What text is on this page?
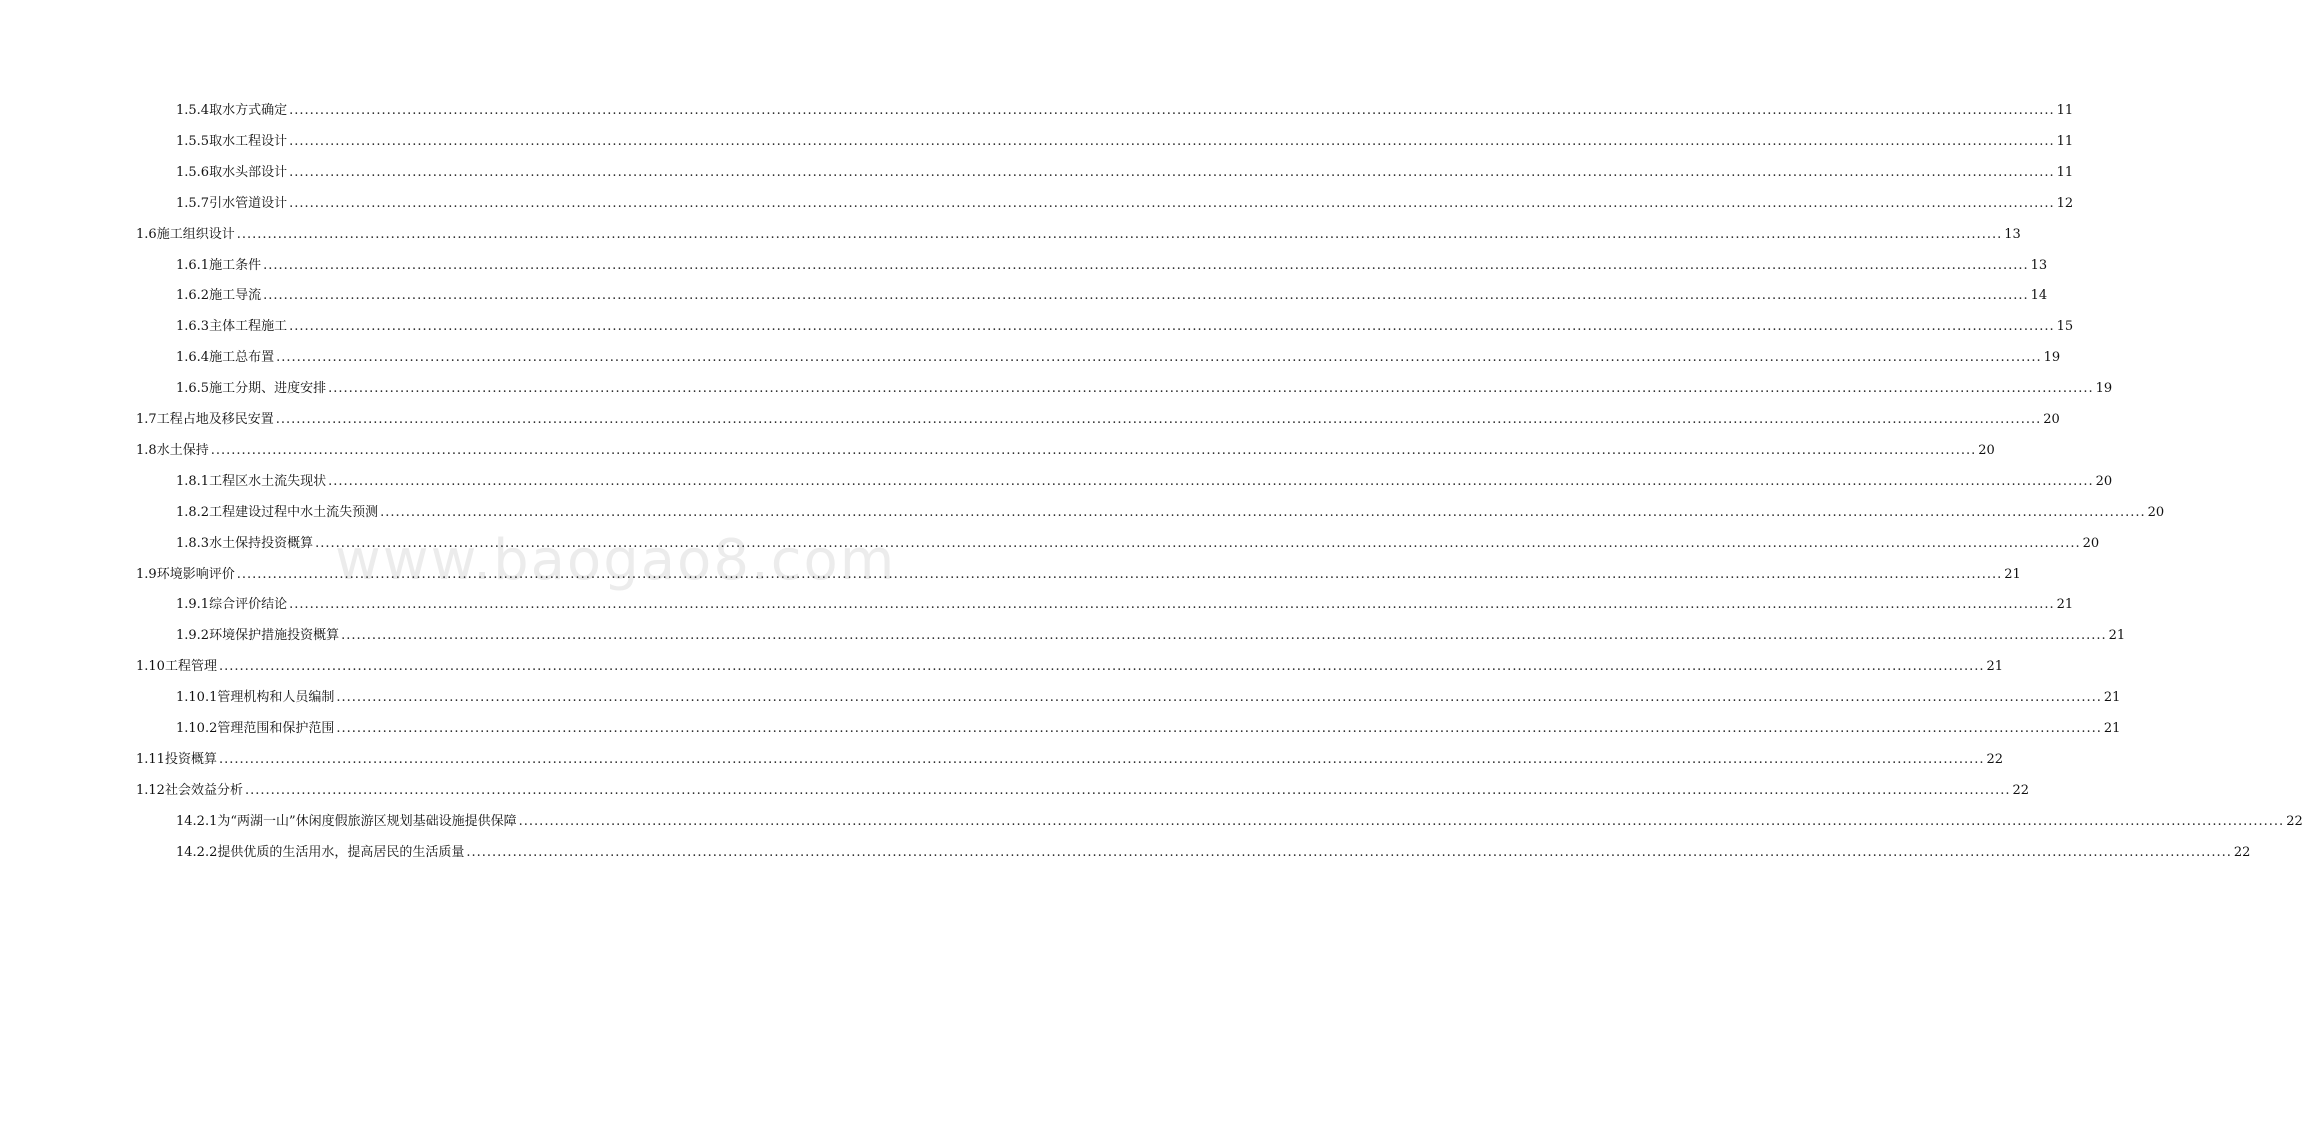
www.baogao8.com
1.5.4 取水方式确定 .....	11
1.5.5 取水工程设计 .....	11
1.5.6 取水头部设计 .....	11
1.5.7 引水管道设计 .....	12
1.6 施工组织设计 .....	13
1.6.1 施工条件 .....	13
1.6.2 施工导流 .....	14
1.6.3 主体工程施工 .....	15
1.6.4 施工总布置 .....	19
1.6.5 施工分期、进度安排 .....	19
1.7 工程占地及移民安置 .....	20
1.8 水土保持 .....	20
1.8.1 工程区水土流失现状 .....	20
1.8.2 工程建设过程中水土流失预测 .....	20
1.8.3 水土保持投资概算 .....	20
1.9 环境影响评价 .....	21
1.9.1 综合评价结论 .....	21
1.9.2 环境保护措施投资概算 .....	21
1.10 工程管理 .....	21
1.10.1 管理机构和人员编制 .....	21
1.10.2 管理范围和保护范围 .....	21
1.11 投资概算 .....	22
1.12 社会效益分析 .....	22
14.2.1 为“两湖一山”休闲度假旅游区规划基础设施提供保障 .....	22
14.2.2 提供优质的生活用水，提高居民的生活质量 .....	22
